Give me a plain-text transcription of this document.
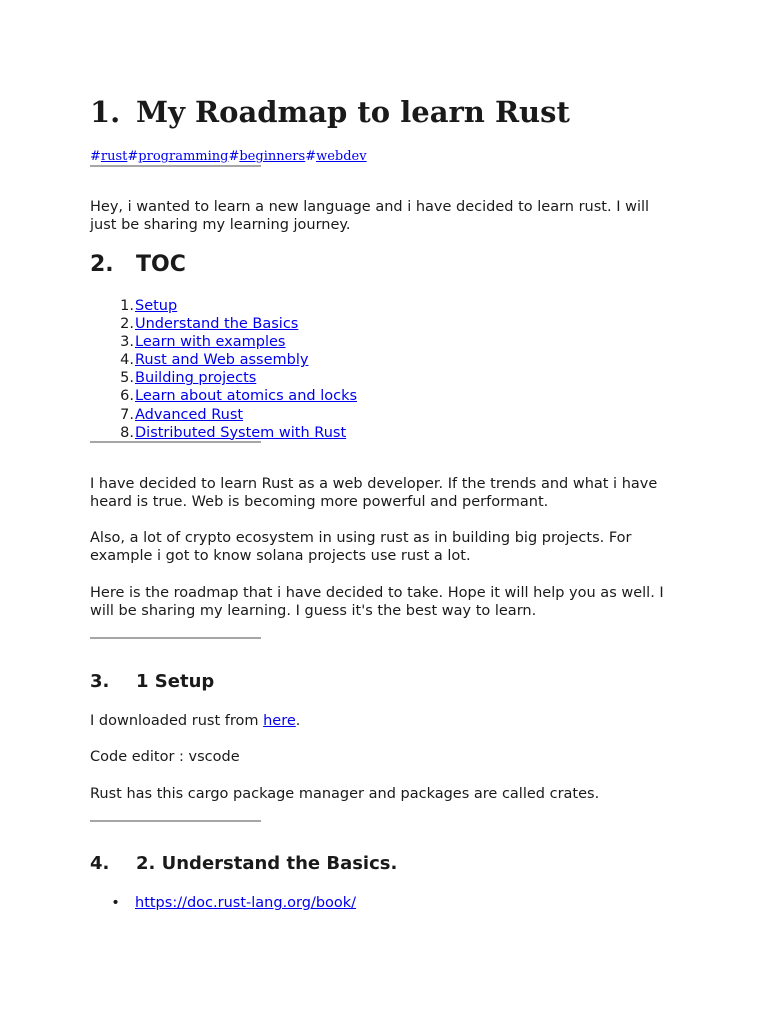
1. My Roadmap to learn Rust
#rust#programming#beginners#webdev

Hey, i wanted to learn a new language and i have decided to learn rust. I will just be sharing my learning journey.

2. TOC
1.Setup
2.Understand the Basics
3.Learn with examples
4.Rust and Web assembly
5.Building projects
6.Learn about atomics and locks
7.Advanced Rust
8.Distributed System with Rust

I have decided to learn Rust as a web developer. If the trends and what i have heard is true. Web is becoming more powerful and performant.

Also, a lot of crypto ecosystem in using rust as in building big projects. For example i got to know solana projects use rust a lot.

Here is the roadmap that i have decided to take. Hope it will help you as well. I will be sharing my learning. I guess it's the best way to learn.

3. 1 Setup

I downloaded rust from here.

Code editor : vscode

Rust has this cargo package manager and packages are called crates.

4. 2. Understand the Basics.
• https://doc.rust-lang.org/book/
